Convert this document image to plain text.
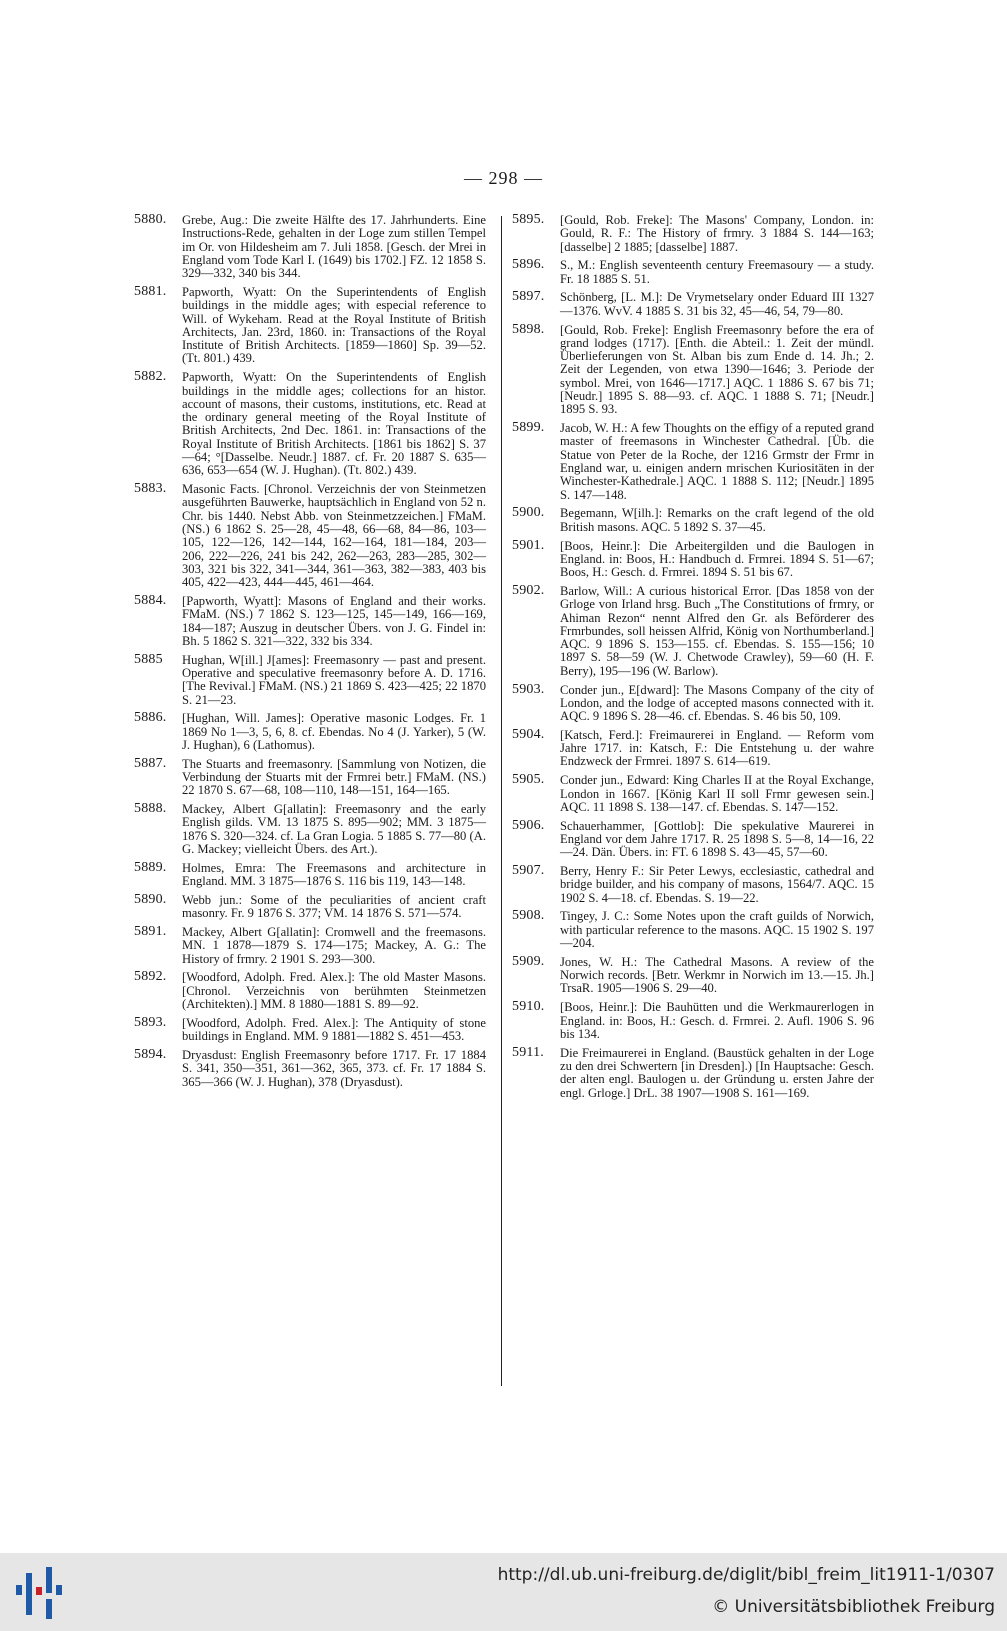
— 298 —
5880. Grebe, Aug.: Die zweite Hälfte des 17. Jahrhunderts. Eine Instructions-Rede, gehalten in der Loge zum stillen Tempel im Or. von Hildesheim am 7. Juli 1858. [Gesch. der Mrei in England vom Tode Karl I. (1649) bis 1702.] FZ. 12 1858 S. 329—332, 340 bis 344.
5881. Papworth, Wyatt: On the Superintendents of English buildings in the middle ages; with especial reference to Will. of Wykeham. Read at the Royal Institute of British Architects, Jan. 23rd, 1860. in: Transactions of the Royal Institute of British Architects. [1859—1860] Sp. 39—52. (Tt. 801.) 439.
5882. Papworth, Wyatt: On the Superintendents of English buildings in the middle ages; collections for an histor. account of masons, their customs, institutions, etc. Read at the ordinary general meeting of the Royal Institute of British Architects, 2nd Dec. 1861. in: Transactions of the Royal Institute of British Architects. [1861 bis 1862] S. 37—64; °[Dasselbe. Neudr.] 1887. cf. Fr. 20 1887 S. 635—636, 653—654 (W. J. Hughan). (Tt. 802.) 439.
5883. Masonic Facts. [Chronol. Verzeichnis der von Steinmetzen ausgeführten Bauwerke, hauptsächlich in England von 52 n. Chr. bis 1440. Nebst Abb. von Steinmetzzeichen.] FMaM. (NS.) 6 1862 S. 25—28, 45—48, 66—68, 84—86, 103—105, 122—126, 142—144, 162—164, 181—184, 203—206, 222—226, 241 bis 242, 262—263, 283—285, 302—303, 321 bis 322, 341—344, 361—363, 382—383, 403 bis 405, 422—423, 444—445, 461—464.
5884. [Papworth, Wyatt]: Masons of England and their works. FMaM. (NS.) 7 1862 S. 123—125, 145—149, 166—169, 184—187; Auszug in deutscher Übers. von J. G. Findel in: Bh. 5 1862 S. 321—322, 332 bis 334.
5885 Hughan, W[ill.] J[ames]: Freemasonry — past and present. Operative and speculative freemasonry before A. D. 1716. [The Revival.] FMaM. (NS.) 21 1869 S. 423—425; 22 1870 S. 21—23.
5886. [Hughan, Will. James]: Operative masonic Lodges. Fr. 1 1869 No 1—3, 5, 6, 8. cf. Ebendas. No 4 (J. Yarker), 5 (W. J. Hughan), 6 (Lathomus).
5887. The Stuarts and freemasonry. [Sammlung von Notizen, die Verbindung der Stuarts mit der Frmrei betr.] FMaM. (NS.) 22 1870 S. 67—68, 108—110, 148—151, 164—165.
5888. Mackey, Albert G[allatin]: Freemasonry and the early English gilds. VM. 13 1875 S. 895—902; MM. 3 1875—1876 S. 320—324. cf. La Gran Logia. 5 1885 S. 77—80 (A. G. Mackey; vielleicht Übers. des Art.).
5889. Holmes, Emra: The Freemasons and architecture in England. MM. 3 1875—1876 S. 116 bis 119, 143—148.
5890. Webb jun.: Some of the peculiarities of ancient craft masonry. Fr. 9 1876 S. 377; VM. 14 1876 S. 571—574.
5891. Mackey, Albert G[allatin]: Cromwell and the freemasons. MN. 1 1878—1879 S. 174—175; Mackey, A. G.: The History of frmry. 2 1901 S. 293—300.
5892. [Woodford, Adolph. Fred. Alex.]: The old Master Masons. [Chronol. Verzeichnis von berühmten Steinmetzen (Architekten).] MM. 8 1880—1881 S. 89—92.
5893. [Woodford, Adolph. Fred. Alex.]: The Antiquity of stone buildings in England. MM. 9 1881—1882 S. 451—453.
5894. Dryasdust: English Freemasonry before 1717. Fr. 17 1884 S. 341, 350—351, 361—362, 365, 373. cf. Fr. 17 1884 S. 365—366 (W. J. Hughan), 378 (Dryasdust).
5895. [Gould, Rob. Freke]: The Masons' Company, London. in: Gould, R. F.: The History of frmry. 3 1884 S. 144—163; [dasselbe] 2 1885; [dasselbe] 1887.
5896. S., M.: English seventeenth century Freemasoury — a study. Fr. 18 1885 S. 51.
5897. Schönberg, [L. M.]: De Vrymetselary onder Eduard III 1327—1376. WvV. 4 1885 S. 31 bis 32, 45—46, 54, 79—80.
5898. [Gould, Rob. Freke]: English Freemasonry before the era of grand lodges (1717). [Enth. die Abteil.: 1. Zeit der mündl. Überlieferungen von St. Alban bis zum Ende d. 14. Jh.; 2. Zeit der Legenden, von etwa 1390—1646; 3. Periode der symbol. Mrei, von 1646—1717.] AQC. 1 1886 S. 67 bis 71; [Neudr.] 1895 S. 88—93. cf. AQC. 1 1888 S. 71; [Neudr.] 1895 S. 93.
5899. Jacob, W. H.: A few Thoughts on the effigy of a reputed grand master of freemasons in Winchester Cathedral. [Üb. die Statue von Peter de la Roche, der 1216 Grmstr der Frmr in England war, u. einigen andern mrischen Kuriositäten in der Winchester-Kathedrale.] AQC. 1 1888 S. 112; [Neudr.] 1895 S. 147—148.
5900. Begemann, W[ilh.]: Remarks on the craft legend of the old British masons. AQC. 5 1892 S. 37—45.
5901. [Boos, Heinr.]: Die Arbeitergilden und die Baulogen in England. in: Boos, H.: Handbuch d. Frmrei. 1894 S. 51—67; Boos, H.: Gesch. d. Frmrei. 1894 S. 51 bis 67.
5902. Barlow, Will.: A curious historical Error. [Das 1858 von der Grloge von Irland hrsg. Buch „The Constitutions of frmry, or Ahiman Rezon“ nennt Alfred den Gr. als Beförderer des Frmrbundes, soll heissen Alfrid, König von Northumberland.] AQC. 9 1896 S. 153—155. cf. Ebendas. S. 155—156; 10 1897 S. 58—59 (W. J. Chetwode Crawley), 59—60 (H. F. Berry), 195—196 (W. Barlow).
5903. Conder jun., E[dward]: The Masons Company of the city of London, and the lodge of accepted masons connected with it. AQC. 9 1896 S. 28—46. cf. Ebendas. S. 46 bis 50, 109.
5904. [Katsch, Ferd.]: Freimaurerei in England. — Reform vom Jahre 1717. in: Katsch, F.: Die Entstehung u. der wahre Endzweck der Frmrei. 1897 S. 614—619.
5905. Conder jun., Edward: King Charles II at the Royal Exchange, London in 1667. [König Karl II soll Frmr gewesen sein.] AQC. 11 1898 S. 138—147. cf. Ebendas. S. 147—152.
5906. Schauerhammer, [Gottlob]: Die spekulative Maurerei in England vor dem Jahre 1717. R. 25 1898 S. 5—8, 14—16, 22—24. Dän. Übers. in: FT. 6 1898 S. 43—45, 57—60.
5907. Berry, Henry F.: Sir Peter Lewys, ecclesiastic, cathedral and bridge builder, and his company of masons, 1564/7. AQC. 15 1902 S. 4—18. cf. Ebendas. S. 19—22.
5908. Tingey, J. C.: Some Notes upon the craft guilds of Norwich, with particular reference to the masons. AQC. 15 1902 S. 197—204.
5909. Jones, W. H.: The Cathedral Masons. A review of the Norwich records. [Betr. Werkmr in Norwich im 13.—15. Jh.] TrsaR. 1905—1906 S. 29—40.
5910. [Boos, Heinr.]: Die Bauhütten und die Werkmaurerlogen in England. in: Boos, H.: Gesch. d. Frmrei. 2. Aufl. 1906 S. 96 bis 134.
5911. Die Freimaurerei in England. (Baustück gehalten in der Loge zu den drei Schwertern [in Dresden].) [In Hauptsache: Gesch. der alten engl. Baulogen u. der Gründung u. ersten Jahre der engl. Grloge.] DrL. 38 1907—1908 S. 161—169.
http://dl.ub.uni-freiburg.de/diglit/bibl_freim_lit1911-1/0307
© Universitätsbibliothek Freiburg
